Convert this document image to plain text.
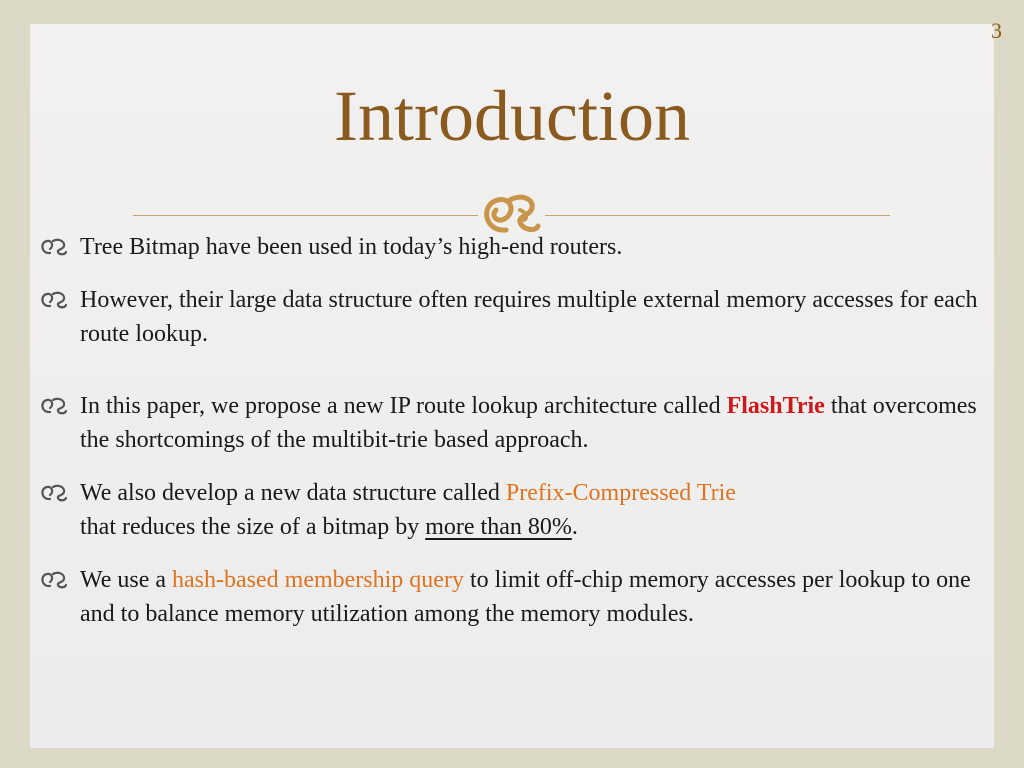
3
Introduction
Tree Bitmap have been used in today’s high-end routers.
However, their large data structure often requires multiple external memory accesses for each route lookup.
In this paper, we propose a new IP route lookup architecture called FlashTrie that overcomes the shortcomings of the multibit-trie based approach.
We also develop a new data structure called Prefix-Compressed Trie
that reduces the size of a bitmap by more than 80%.
We use a hash-based membership query to limit off-chip memory accesses per lookup to one and to balance memory utilization among the memory modules.
